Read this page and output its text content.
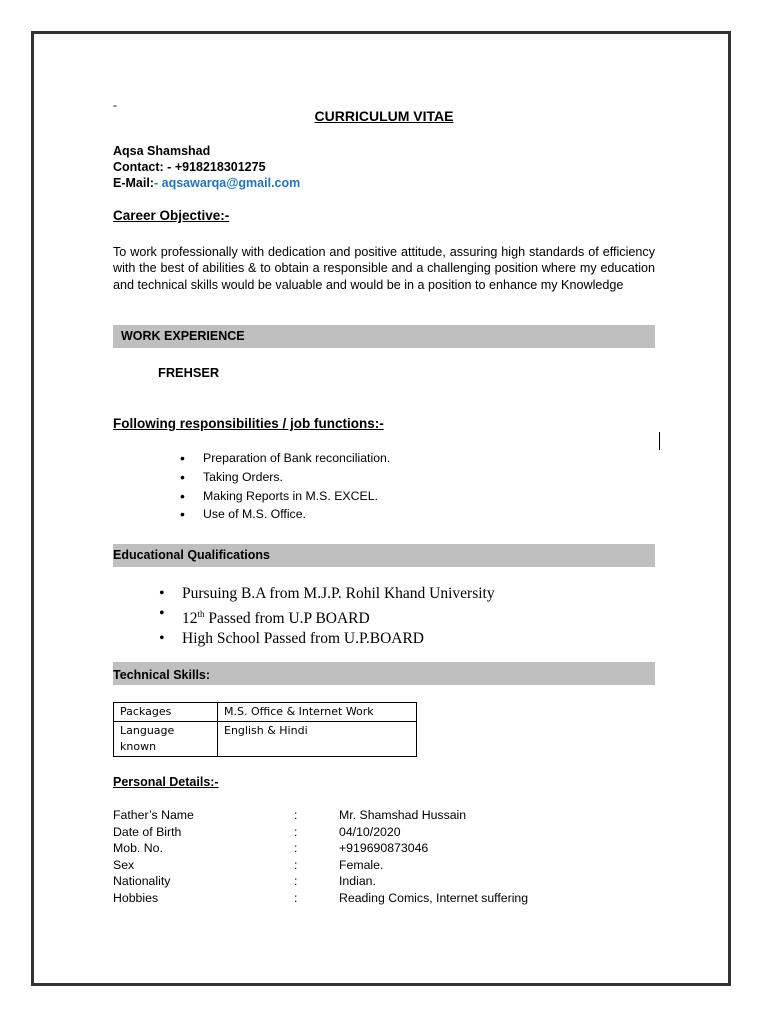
-
CURRICULUM VITAE
Aqsa Shamshad
Contact: - +918218301275
E-Mail:- aqsawarqa@gmail.com
Career Objective:-
To work professionally with dedication and positive attitude, assuring high standards of efficiency with the best of abilities & to obtain a responsible and a challenging position where my education and technical skills would be valuable and would be in a position to enhance my Knowledge
WORK EXPERIENCE
FREHSER
Following responsibilities / job functions:-
• Preparation of Bank reconciliation.
• Taking Orders.
• Making Reports in M.S. EXCEL.
• Use of M.S. Office.
Educational Qualifications
• Pursuing B.A from M.J.P. Rohil Khand University
• 12th Passed from U.P BOARD
• High School Passed from U.P.BOARD
Technical Skills:
Packages	M.S. Office & Internet Work
Language known	English & Hindi
Personal Details:-
Father’s Name	:	Mr. Shamshad Hussain
Date of Birth	:	04/10/2020
Mob. No.	:	+919690873046
Sex	:	Female.
Nationality	:	Indian.
Hobbies	:	Reading Comics, Internet suffering
